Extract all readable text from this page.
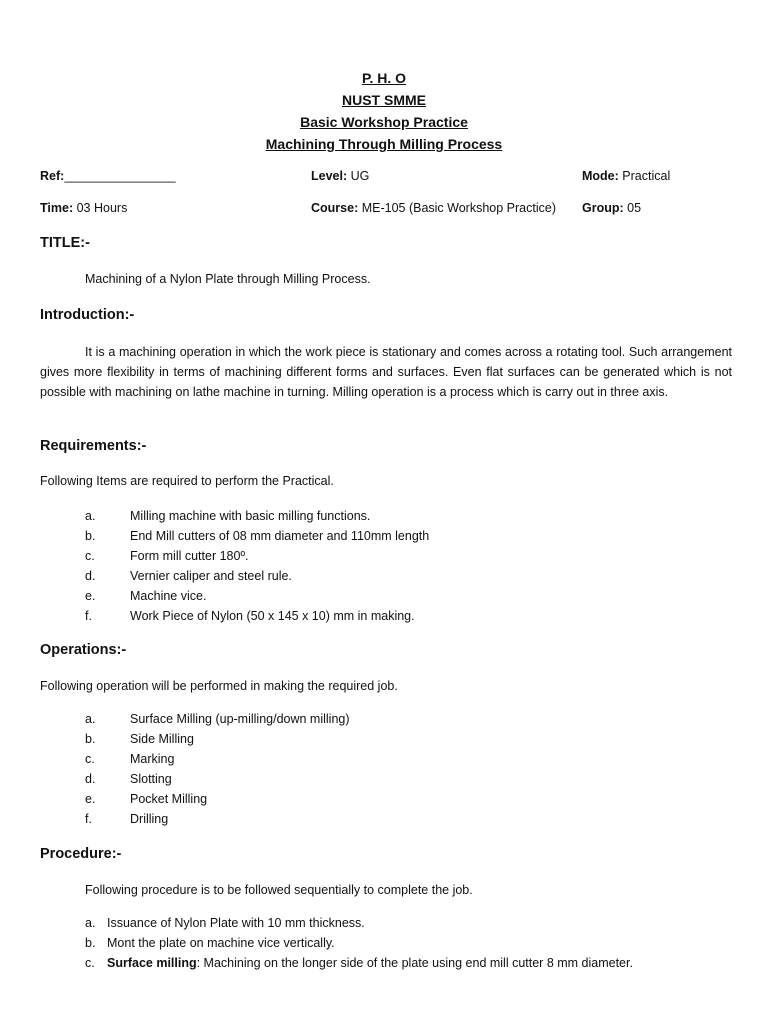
P. H. O
NUST SMME
Basic Workshop Practice
Machining Through Milling Process
Ref:________________	Level: UG	Mode: Practical
Time: 03 Hours	Course: ME-105 (Basic Workshop Practice) Group: 05
TITLE:-
Machining of a Nylon Plate through Milling Process.
Introduction:-
It is a machining operation in which the work piece is stationary and comes across a rotating tool. Such arrangement gives more flexibility in terms of machining different forms and surfaces. Even flat surfaces can be generated which is not possible with machining on lathe machine in turning. Milling operation is a process which is carry out in three axis.
Requirements:-
Following Items are required to perform the Practical.
a.	Milling machine with basic milling functions.
b.	End Mill cutters of 08 mm diameter and 110mm length
c.	Form mill cutter 180º.
d.	Vernier caliper and steel rule.
e.	Machine vice.
f.	Work Piece of Nylon (50 x 145 x 10) mm in making.
Operations:-
Following operation will be performed in making the required job.
a.	Surface Milling (up-milling/down milling)
b.	Side Milling
c.	Marking
d.	Slotting
e.	Pocket Milling
f.	Drilling
Procedure:-
Following procedure is to be followed sequentially to complete the job.
a. Issuance of Nylon Plate with 10 mm thickness.
b. Mont the plate on machine vice vertically.
c. Surface milling: Machining on the longer side of the plate using end mill cutter 8 mm diameter.
